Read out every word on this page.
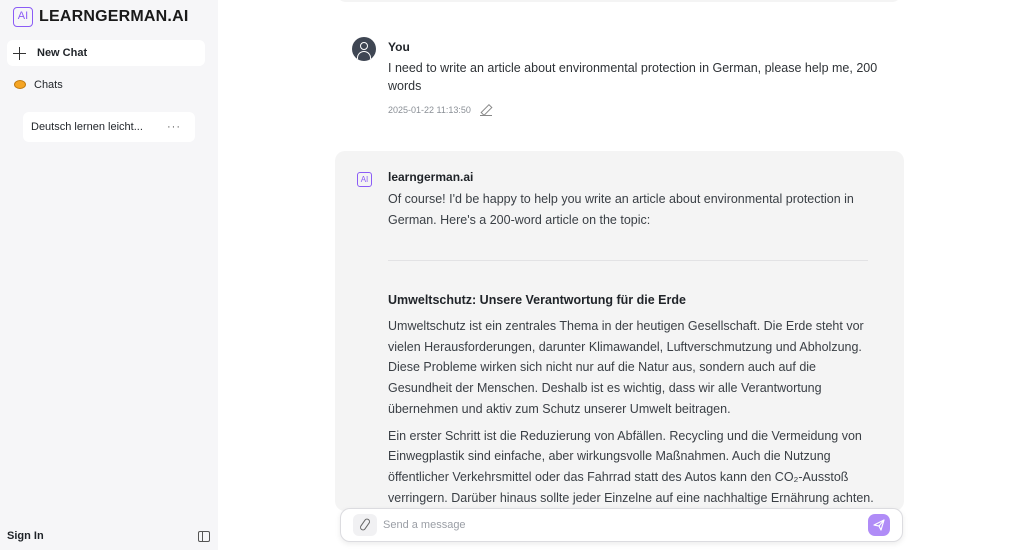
AI LEARNGERMAN.AI
New Chat
Chats
Deutsch lernen leicht... ···
Sign In
You
I need to write an article about environmental protection in German, please help me, 200 words
2025-01-22 11:13:50
AI	learngerman.ai
Of course! I'd be happy to help you write an article about environmental protection in German. Here's a 200-word article on the topic:
Umweltschutz: Unsere Verantwortung für die Erde

Umweltschutz ist ein zentrales Thema in der heutigen Gesellschaft. Die Erde steht vor vielen Herausforderungen, darunter Klimawandel, Luftverschmutzung und Abholzung. Diese Probleme wirken sich nicht nur auf die Natur aus, sondern auch auf die Gesundheit der Menschen. Deshalb ist es wichtig, dass wir alle Verantwortung übernehmen und aktiv zum Schutz unserer Umwelt beitragen.

Ein erster Schritt ist die Reduzierung von Abfällen. Recycling und die Vermeidung von Einwegplastik sind einfache, aber wirkungsvolle Maßnahmen. Auch die Nutzung öffentlicher Verkehrsmittel oder das Fahrrad statt des Autos kann den CO₂-Ausstoß verringern. Darüber hinaus sollte jeder Einzelne auf eine nachhaltige Ernährung achten.

Send a message
